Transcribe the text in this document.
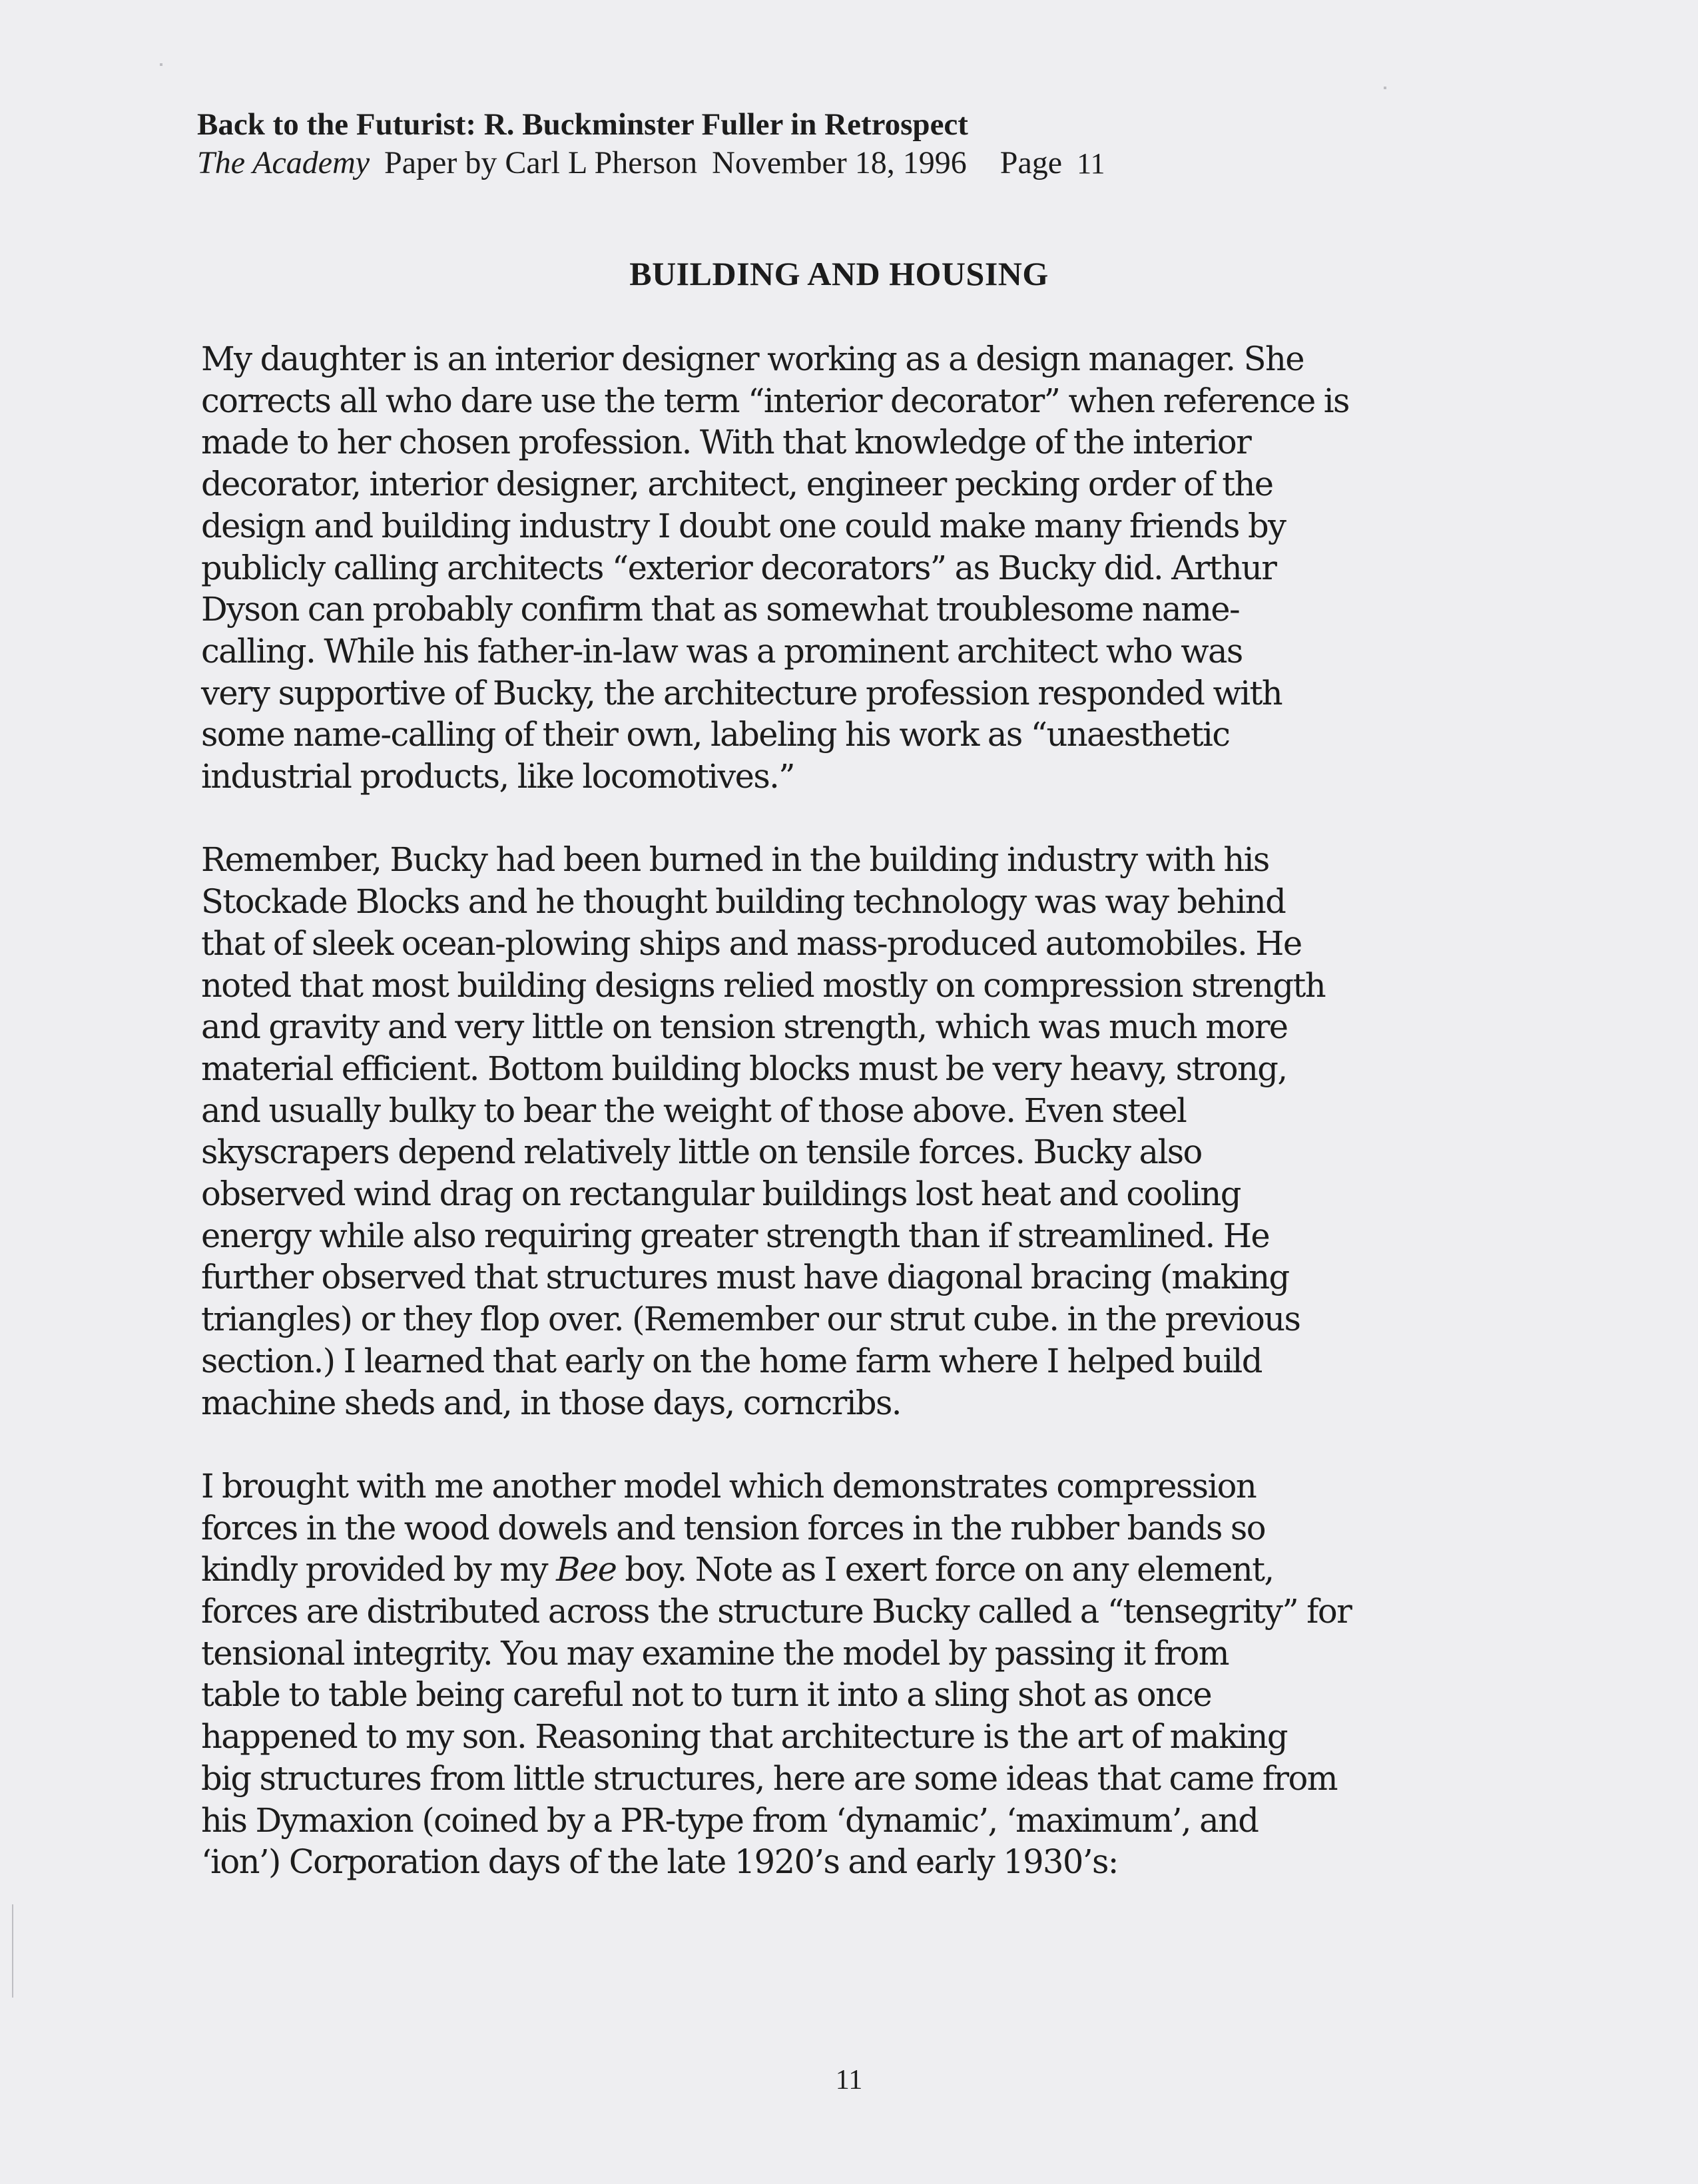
Back to the Futurist: R. Buckminster Fuller in Retrospect
The Academy Paper by Carl L Pherson November 18, 1996 Page 11
BUILDING AND HOUSING

My daughter is an interior designer working as a design manager. She
corrects all who dare use the term “interior decorator” when reference is
made to her chosen profession. With that knowledge of the interior
decorator, interior designer, architect, engineer pecking order of the
design and building industry I doubt one could make many friends by
publicly calling architects “exterior decorators” as Bucky did. Arthur
Dyson can probably confirm that as somewhat troublesome name-
calling. While his father-in-law was a prominent architect who was
very supportive of Bucky, the architecture profession responded with
some name-calling of their own, labeling his work as “unaesthetic
industrial products, like locomotives.”

Remember, Bucky had been burned in the building industry with his
Stockade Blocks and he thought building technology was way behind
that of sleek ocean-plowing ships and mass-produced automobiles. He
noted that most building designs relied mostly on compression strength
and gravity and very little on tension strength, which was much more
material efficient. Bottom building blocks must be very heavy, strong,
and usually bulky to bear the weight of those above. Even steel
skyscrapers depend relatively little on tensile forces. Bucky also
observed wind drag on rectangular buildings lost heat and cooling
energy while also requiring greater strength than if streamlined. He
further observed that structures must have diagonal bracing (making
triangles) or they flop over. (Remember our strut cube. in the previous
section.) I learned that early on the home farm where I helped build
machine sheds and, in those days, corncribs.

I brought with me another model which demonstrates compression
forces in the wood dowels and tension forces in the rubber bands so
kindly provided by my Bee boy. Note as I exert force on any element,
forces are distributed across the structure Bucky called a “tensegrity” for
tensional integrity. You may examine the model by passing it from
table to table being careful not to turn it into a sling shot as once
happened to my son. Reasoning that architecture is the art of making
big structures from little structures, here are some ideas that came from
his Dymaxion (coined by a PR-type from ‘dynamic’, ‘maximum’, and
‘ion’) Corporation days of the late 1920’s and early 1930’s:

11
